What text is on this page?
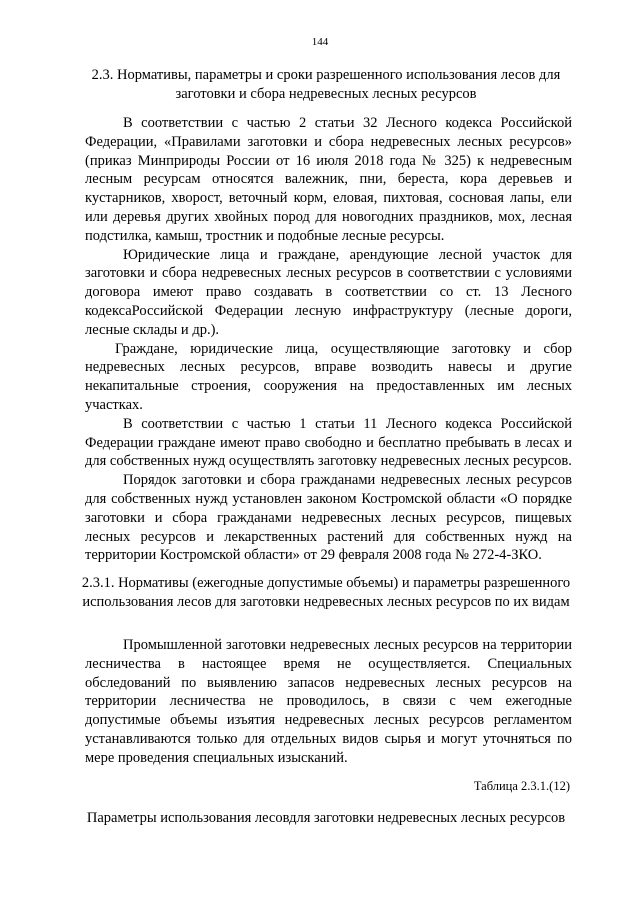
144
2.3. Нормативы, параметры и сроки разрешенного использования лесов для заготовки и сбора недревесных лесных ресурсов

В соответствии с частью 2 статьи 32 Лесного кодекса Российской Федерации, «Правилами заготовки и сбора недревесных лесных ресурсов» (приказ Минприроды России от 16 июля 2018 года № 325) к недревесным лесным ресурсам относятся валежник, пни, береста, кора деревьев и кустарников, хворост, веточный корм, еловая, пихтовая, сосновая лапы, ели или деревья других хвойных пород для новогодних праздников, мох, лесная подстилка, камыш, тростник и подобные лесные ресурсы.

Юридические лица и граждане, арендующие лесной участок для заготовки и сбора недревесных лесных ресурсов в соответствии с условиями договора имеют право создавать в соответствии со ст. 13 Лесного кодексаРоссийской Федерации лесную инфраструктуру (лесные дороги, лесные склады и др.).

Граждане, юридические лица, осуществляющие заготовку и сбор недревесных лесных ресурсов, вправе возводить навесы и другие некапитальные строения, сооружения на предоставленных им лесных участках.

В соответствии с частью 1 статьи 11 Лесного кодекса Российской Федерации граждане имеют право свободно и бесплатно пребывать в лесах и для собственных нужд осуществлять заготовку недревесных лесных ресурсов.

Порядок заготовки и сбора гражданами недревесных лесных ресурсов для собственных нужд установлен законом Костромской области «О порядке заготовки и сбора гражданами недревесных лесных ресурсов, пищевых лесных ресурсов и лекарственных растений для собственных нужд на территории Костромской области» от 29 февраля 2008 года № 272-4-ЗКО.

2.3.1. Нормативы (ежегодные допустимые объемы) и параметры разрешенного использования лесов для заготовки недревесных лесных ресурсов по их видам

Промышленной заготовки недревесных лесных ресурсов на территории лесничества в настоящее время не осуществляется. Специальных обследований по выявлению запасов недревесных лесных ресурсов на территории лесничества не проводилось, в связи с чем ежегодные допустимые объемы изъятия недревесных лесных ресурсов регламентом устанавливаются только для отдельных видов сырья и могут уточняться по мере проведения специальных изысканий.

Таблица 2.3.1.(12)
Параметры использования лесовдля заготовки недревесных лесных ресурсов
